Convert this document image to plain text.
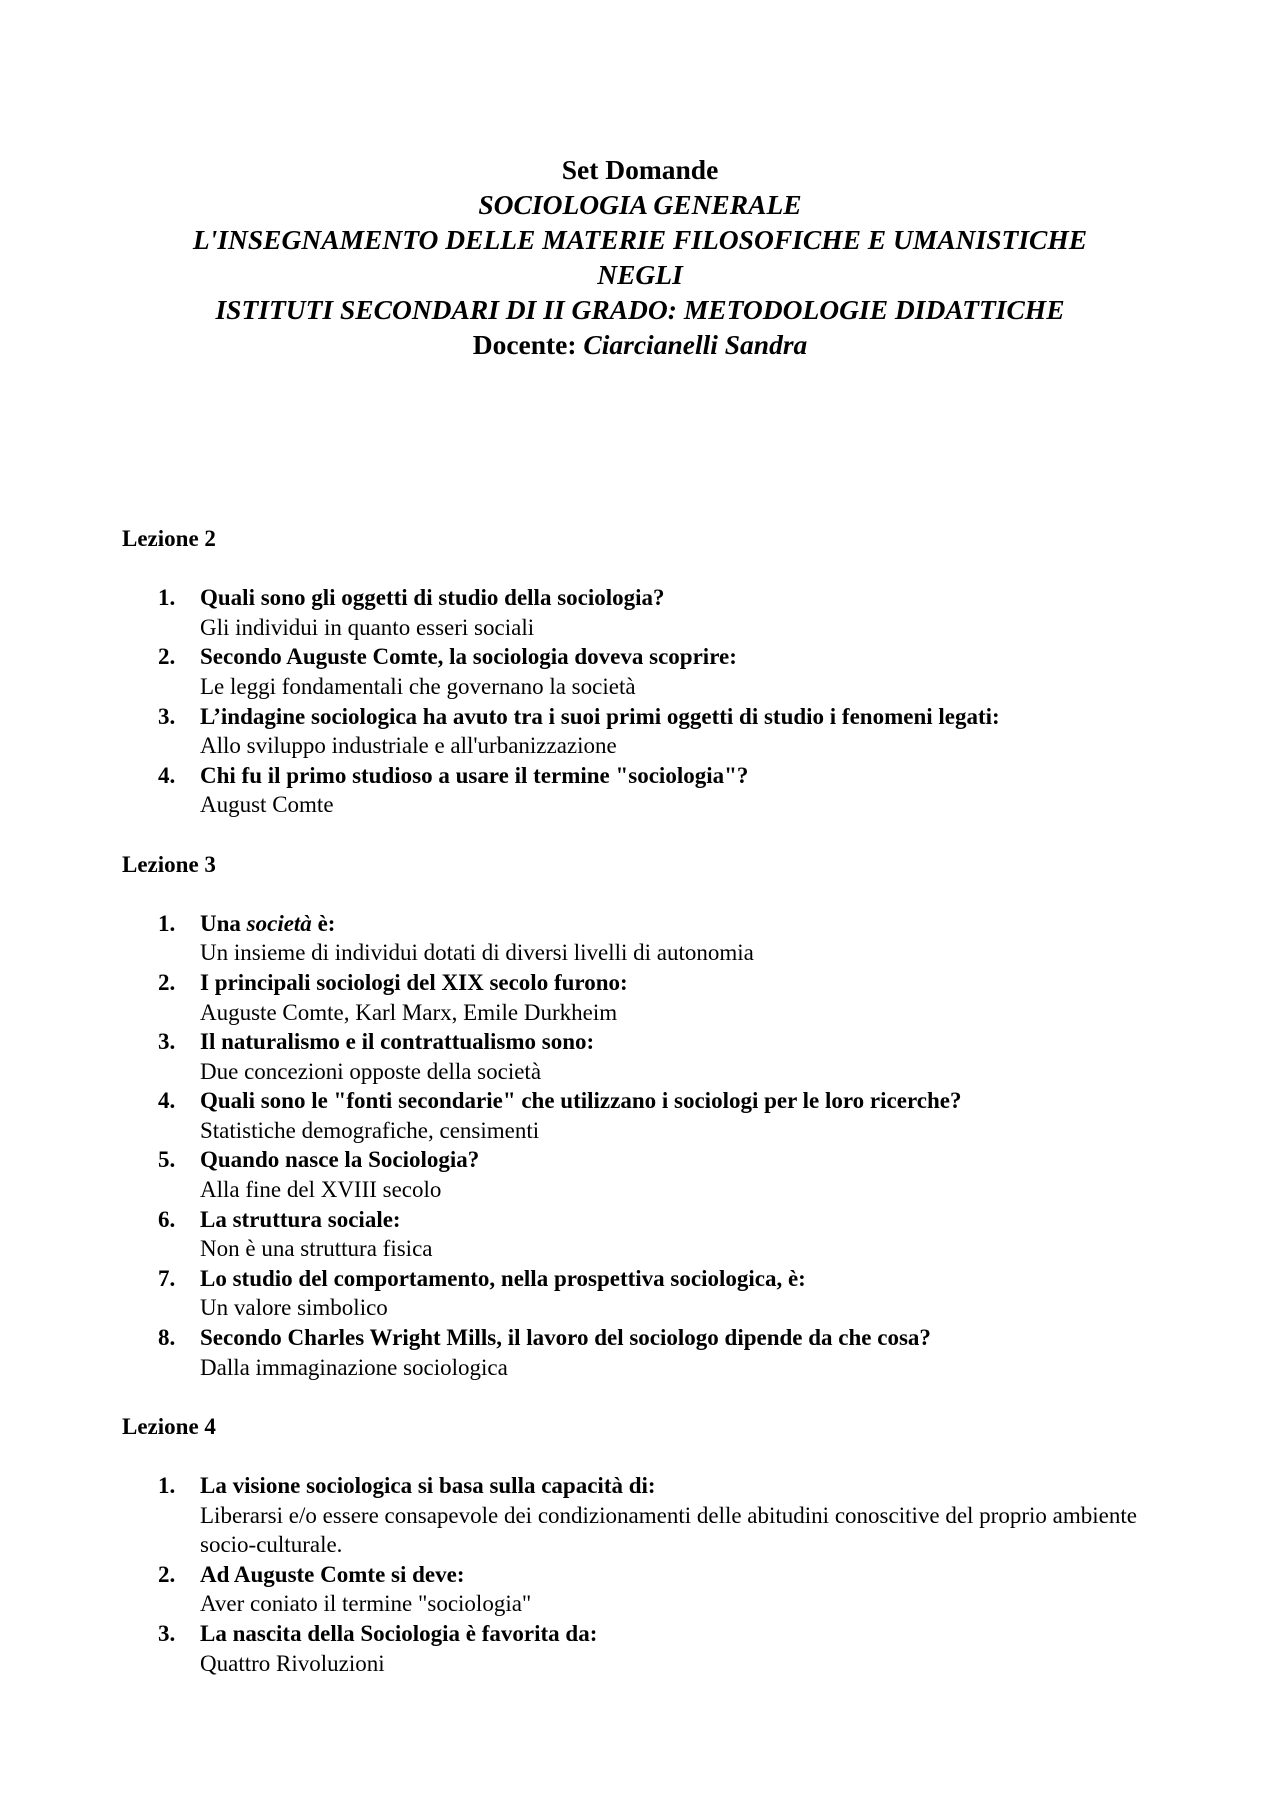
Set Domande
SOCIOLOGIA GENERALE
L'INSEGNAMENTO DELLE MATERIE FILOSOFICHE E UMANISTICHE
NEGLI
ISTITUTI SECONDARI DI II GRADO: METODOLOGIE DIDATTICHE
Docente: Ciarcianelli Sandra
Lezione 2
1. Quali sono gli oggetti di studio della sociologia?
Gli individui in quanto esseri sociali
2. Secondo Auguste Comte, la sociologia doveva scoprire:
Le leggi fondamentali che governano la società
3. L’indagine sociologica ha avuto tra i suoi primi oggetti di studio i fenomeni legati:
Allo sviluppo industriale e all'urbanizzazione
4. Chi fu il primo studioso a usare il termine "sociologia"?
August Comte
Lezione 3
1. Una società è:
Un insieme di individui dotati di diversi livelli di autonomia
2. I principali sociologi del XIX secolo furono:
Auguste Comte, Karl Marx, Emile Durkheim
3. Il naturalismo e il contrattualismo sono:
Due concezioni opposte della società
4. Quali sono le "fonti secondarie" che utilizzano i sociologi per le loro ricerche?
Statistiche demografiche, censimenti
5. Quando nasce la Sociologia?
Alla fine del XVIII secolo
6. La struttura sociale:
Non è una struttura fisica
7. Lo studio del comportamento, nella prospettiva sociologica, è:
Un valore simbolico
8. Secondo Charles Wright Mills, il lavoro del sociologo dipende da che cosa?
Dalla immaginazione sociologica
Lezione 4
1. La visione sociologica si basa sulla capacità di:
Liberarsi e/o essere consapevole dei condizionamenti delle abitudini conoscitive del proprio ambiente socio-culturale.
2. Ad Auguste Comte si deve:
Aver coniato il termine "sociologia"
3. La nascita della Sociologia è favorita da:
Quattro Rivoluzioni
